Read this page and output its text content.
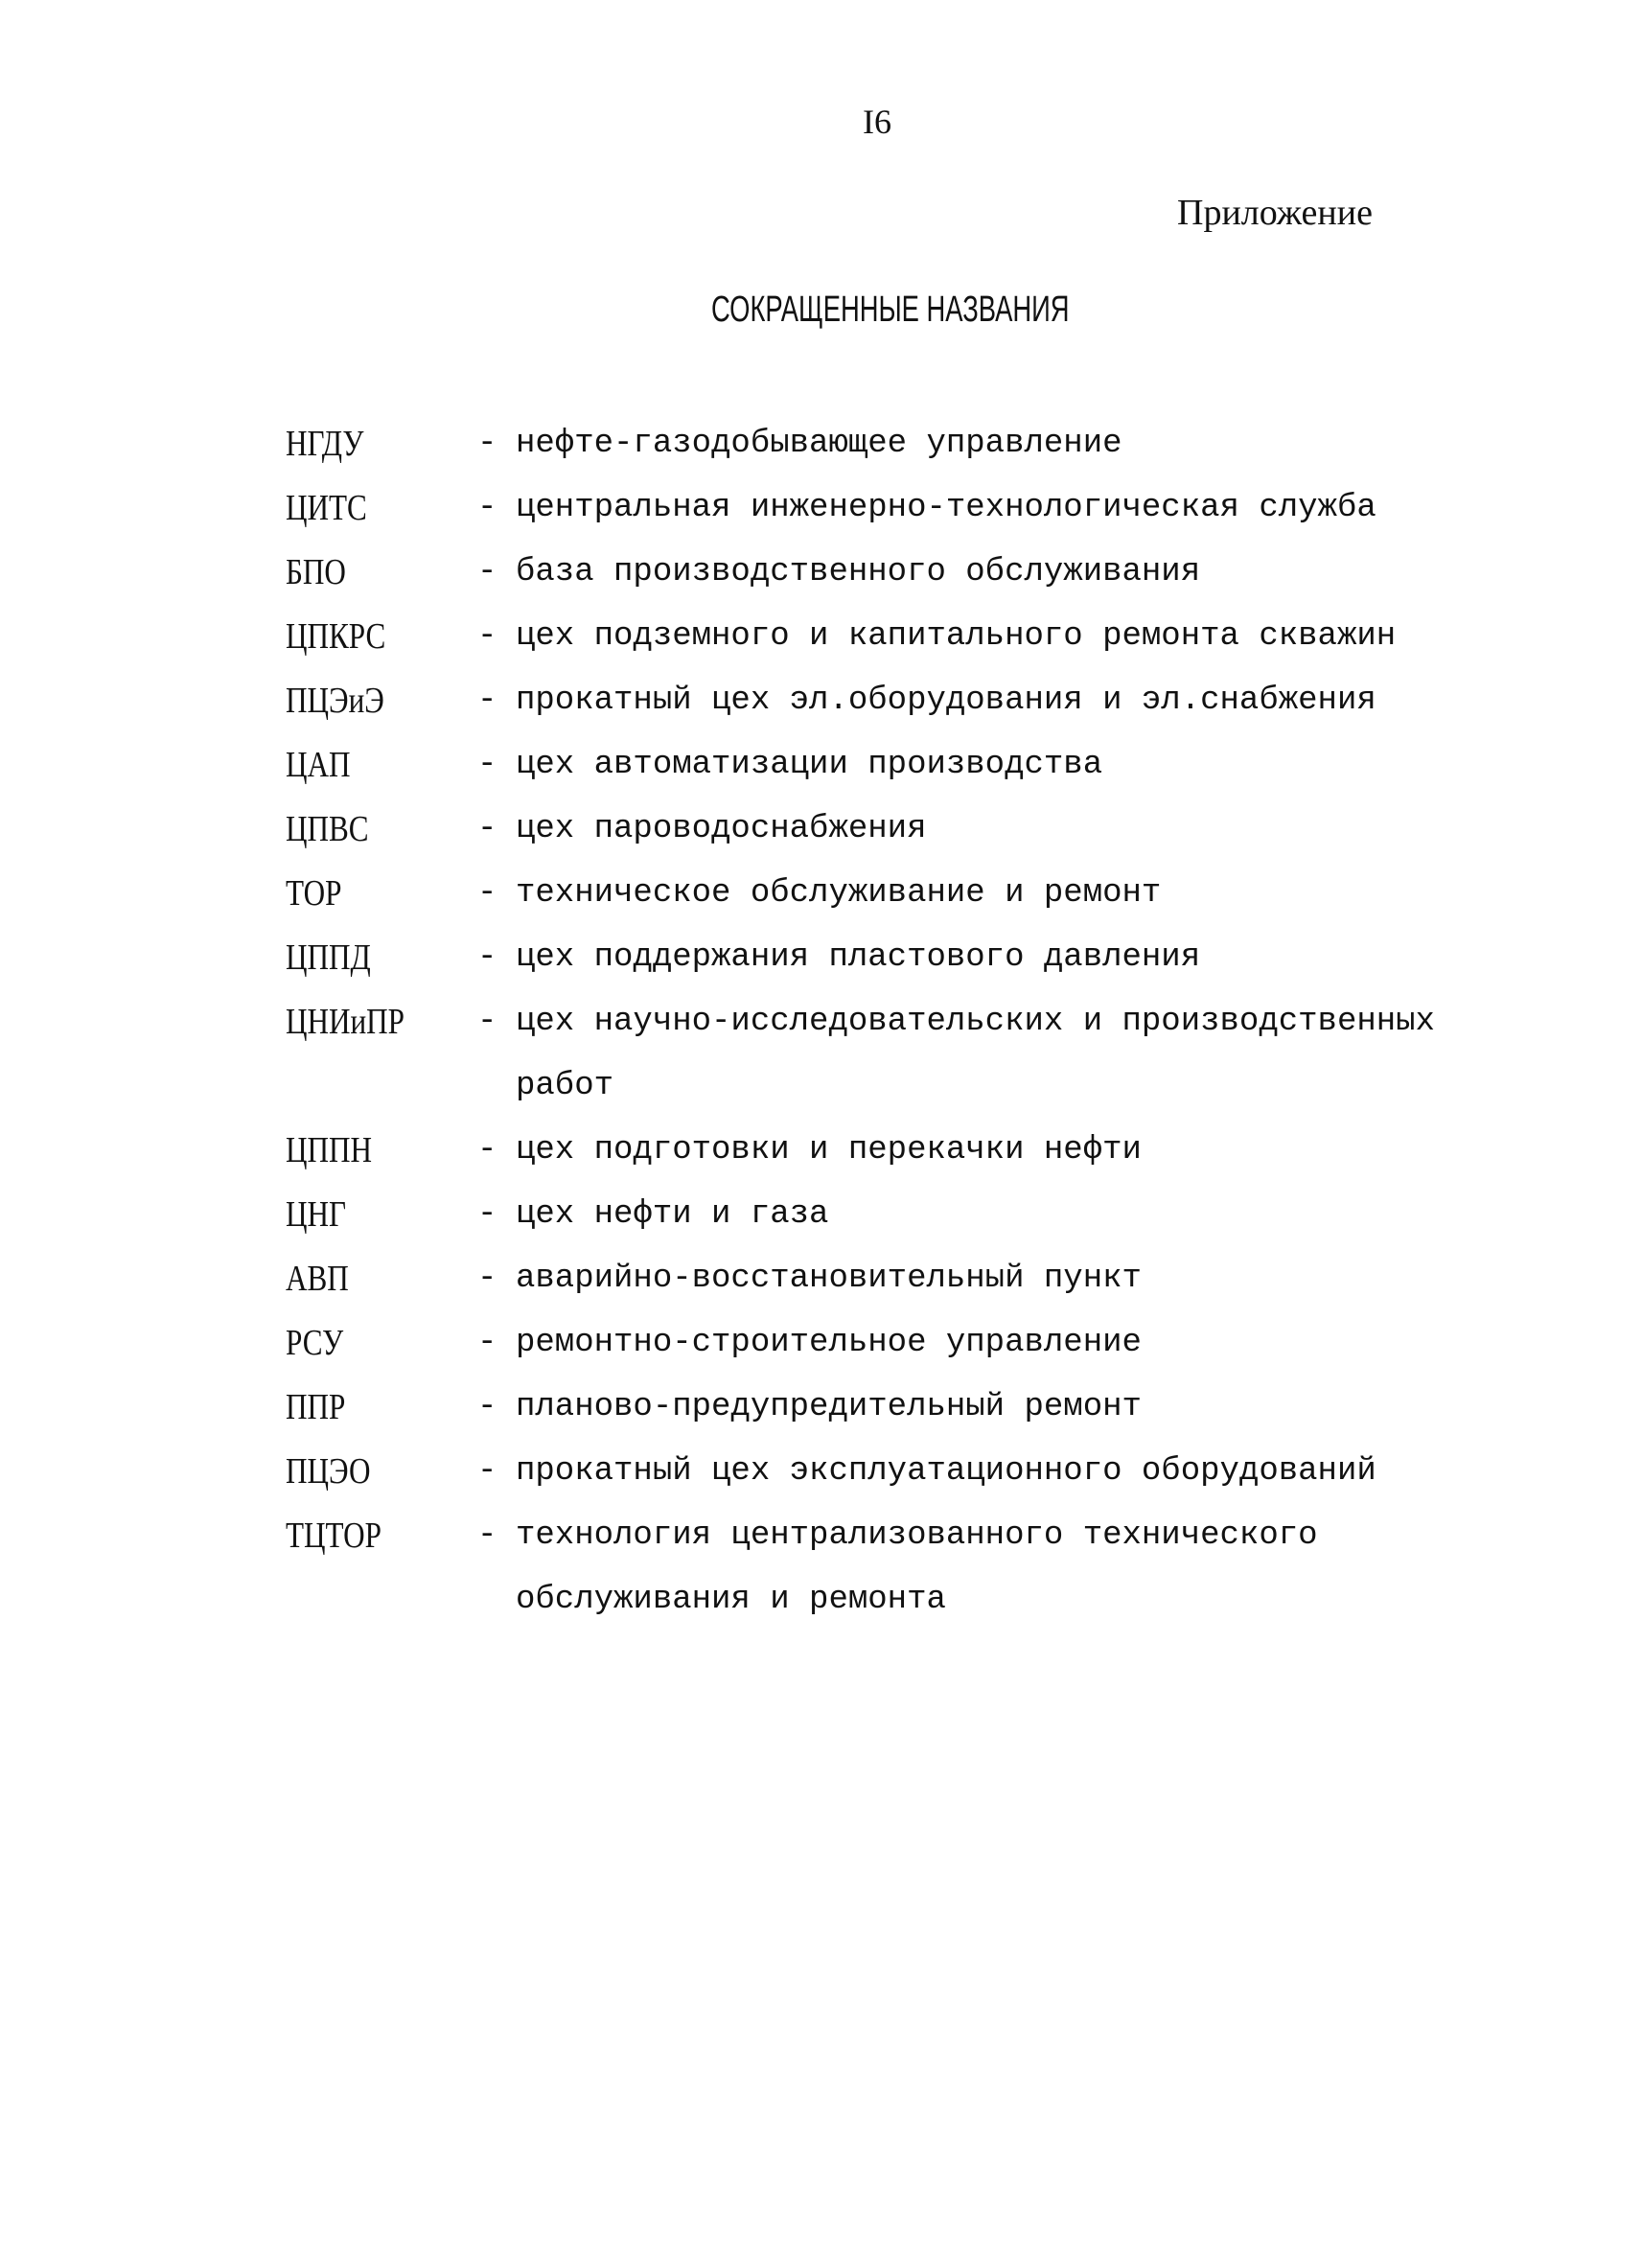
I6
Приложение
СОКРАЩЕННЫЕ НАЗВАНИЯ
НГДУ	- нефте-газодобывающее управление
ЦИТС	- центральная инженерно-технологическая служба
БПО	- база производственного обслуживания
ЦПКРС	- цех подземного и капитального ремонта скважин
ПЦЭиЭ	- прокатный цех эл.оборудования и эл.снабжения
ЦАП	- цех автоматизации производства
ЦПВС	- цех пароводоснабжения
ТОР	- техническое обслуживание и ремонт
ЦППД	- цех поддержания пластового давления
ЦНИиПР	- цех научно-исследовательских и производственных
работ
ЦППН	- цех подготовки и перекачки нефти
ЦНГ	- цех нефти и газа
АВП	- аварийно-восстановительный пункт
РСУ	- ремонтно-строительное управление
ППР	- планово-предупредительный ремонт
ПЦЭО	- прокатный цех эксплуатационного оборудований
ТЦТОР	- технология централизованного технического
обслуживания и ремонта
